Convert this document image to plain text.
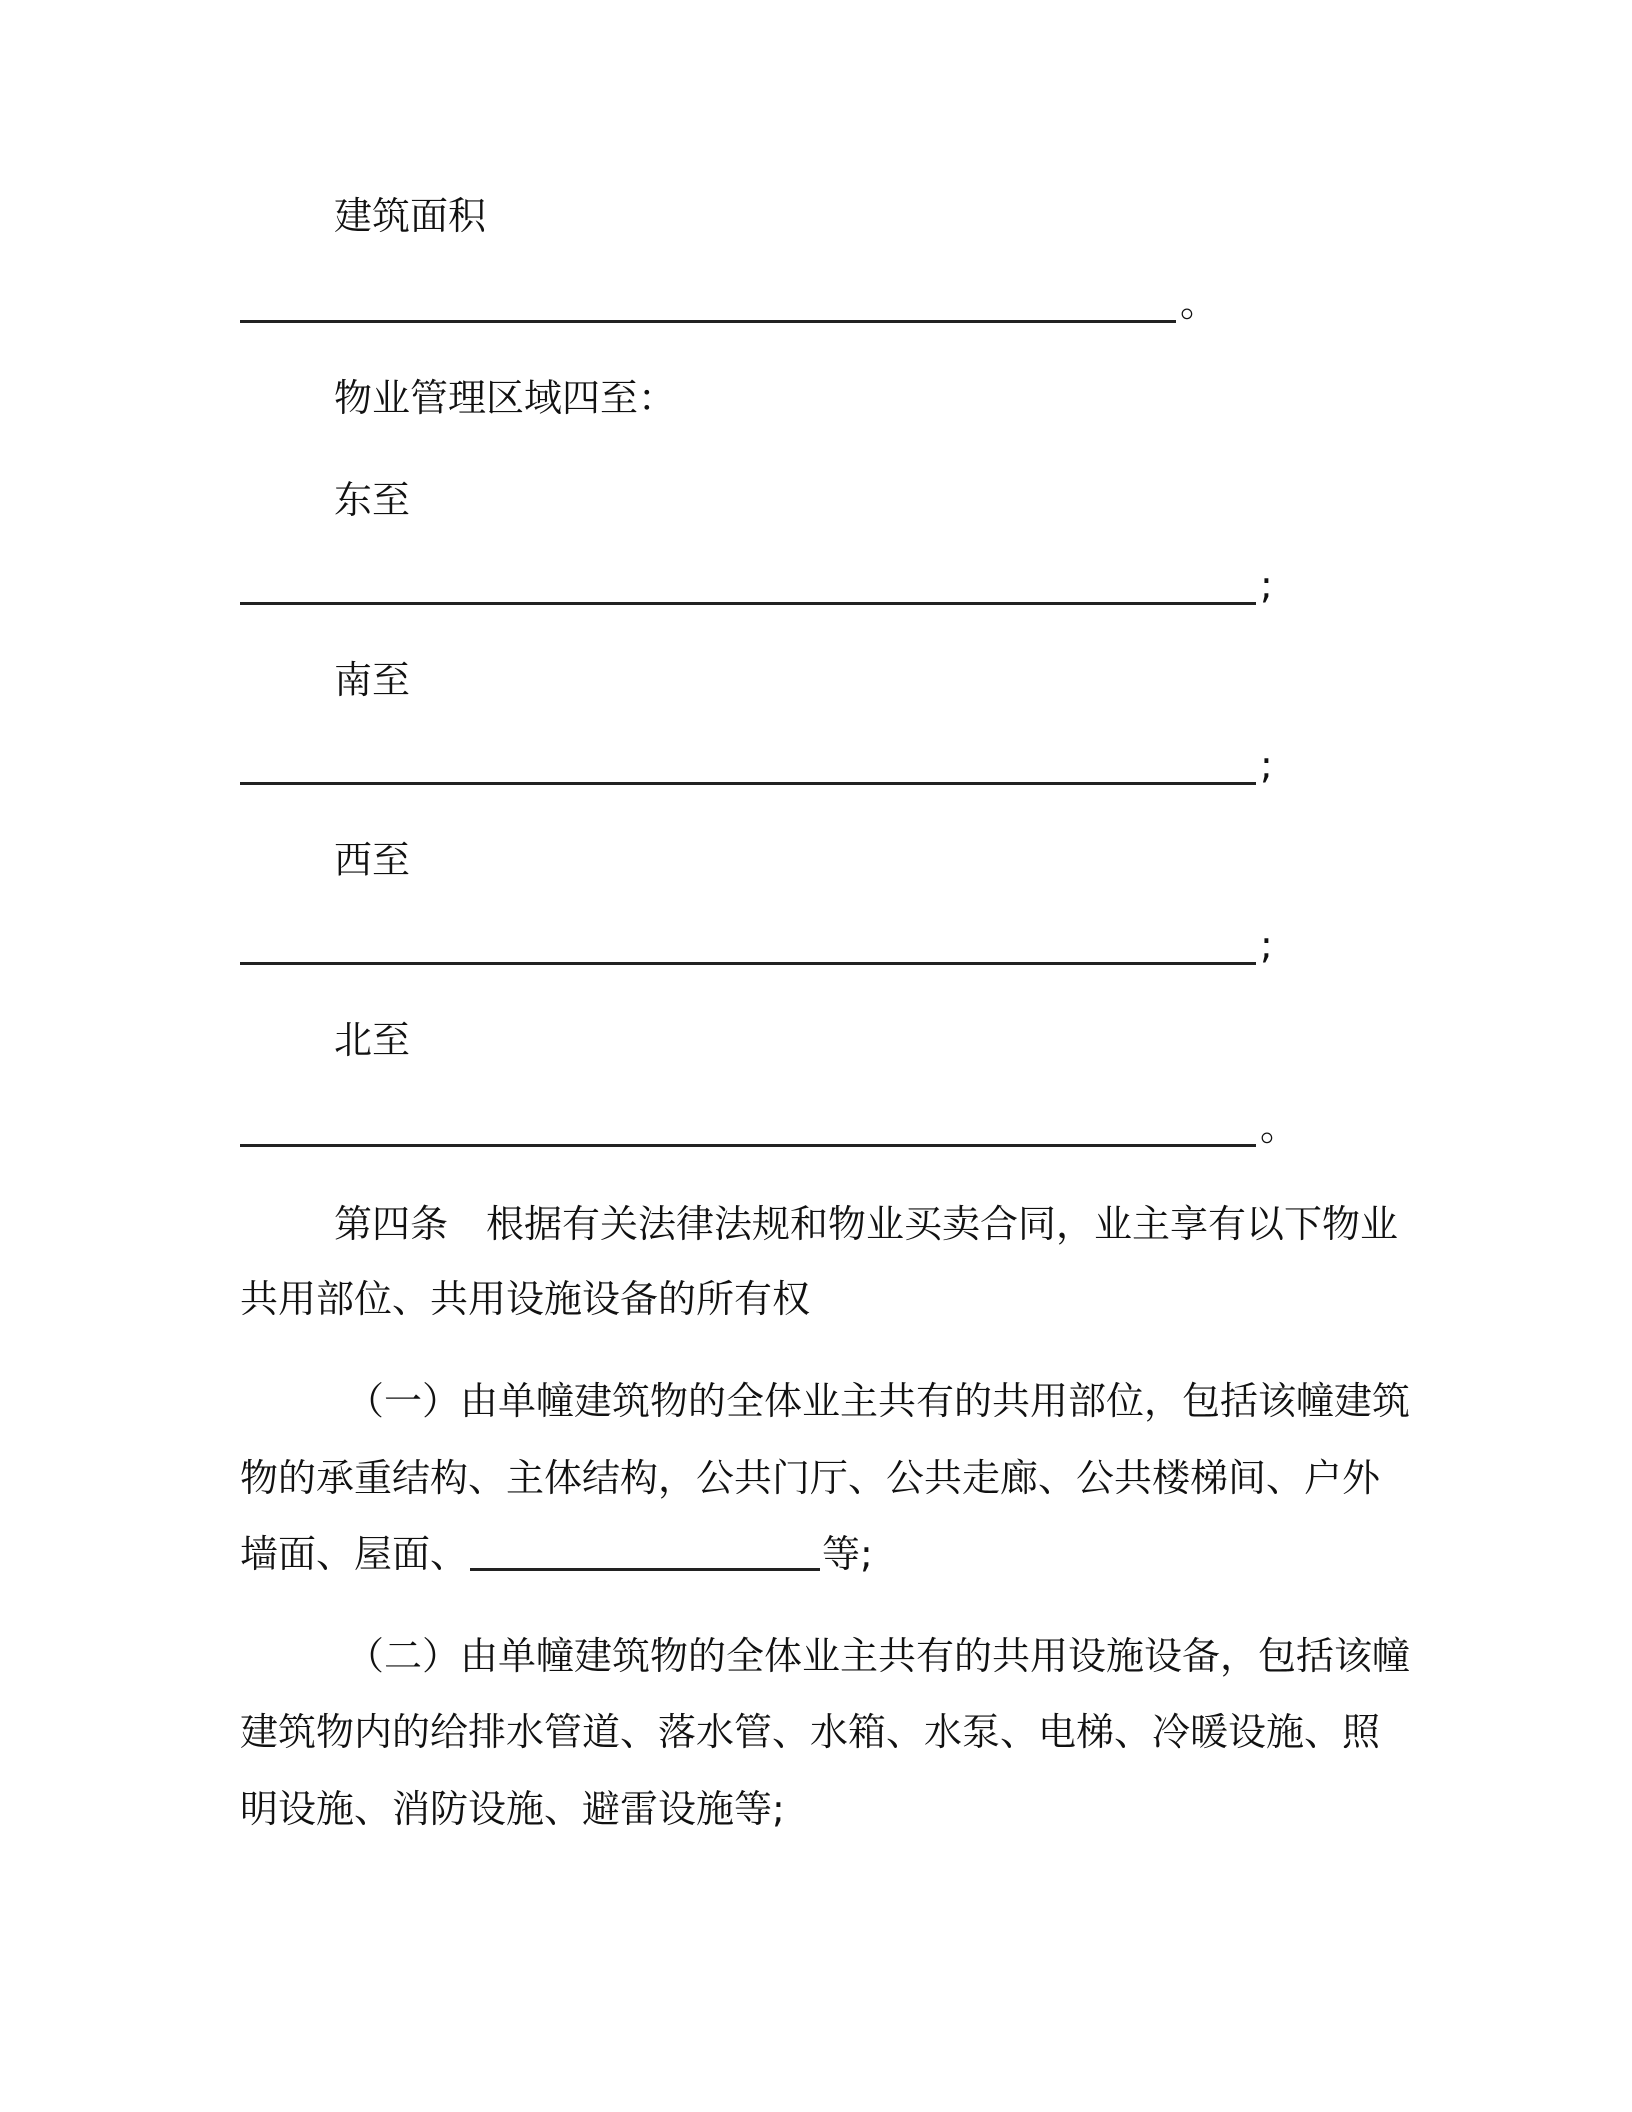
建筑面积
。
物业管理区域四至：
东至
;
南至
;
西至
;
北至
。
第四条 根据有关法律法规和物业买卖合同，业主享有以下物业
共用部位、共用设施设备的所有权
（一）由单幢建筑物的全体业主共有的共用部位，包括该幢建筑
物的承重结构、主体结构，公共门厅、公共走廊、公共楼梯间、户外
墙面、屋面、	等;
（二）由单幢建筑物的全体业主共有的共用设施设备，包括该幢
建筑物内的给排水管道、落水管、水箱、水泵、电梯、冷暖设施、照
明设施、消防设施、避雷设施等;
